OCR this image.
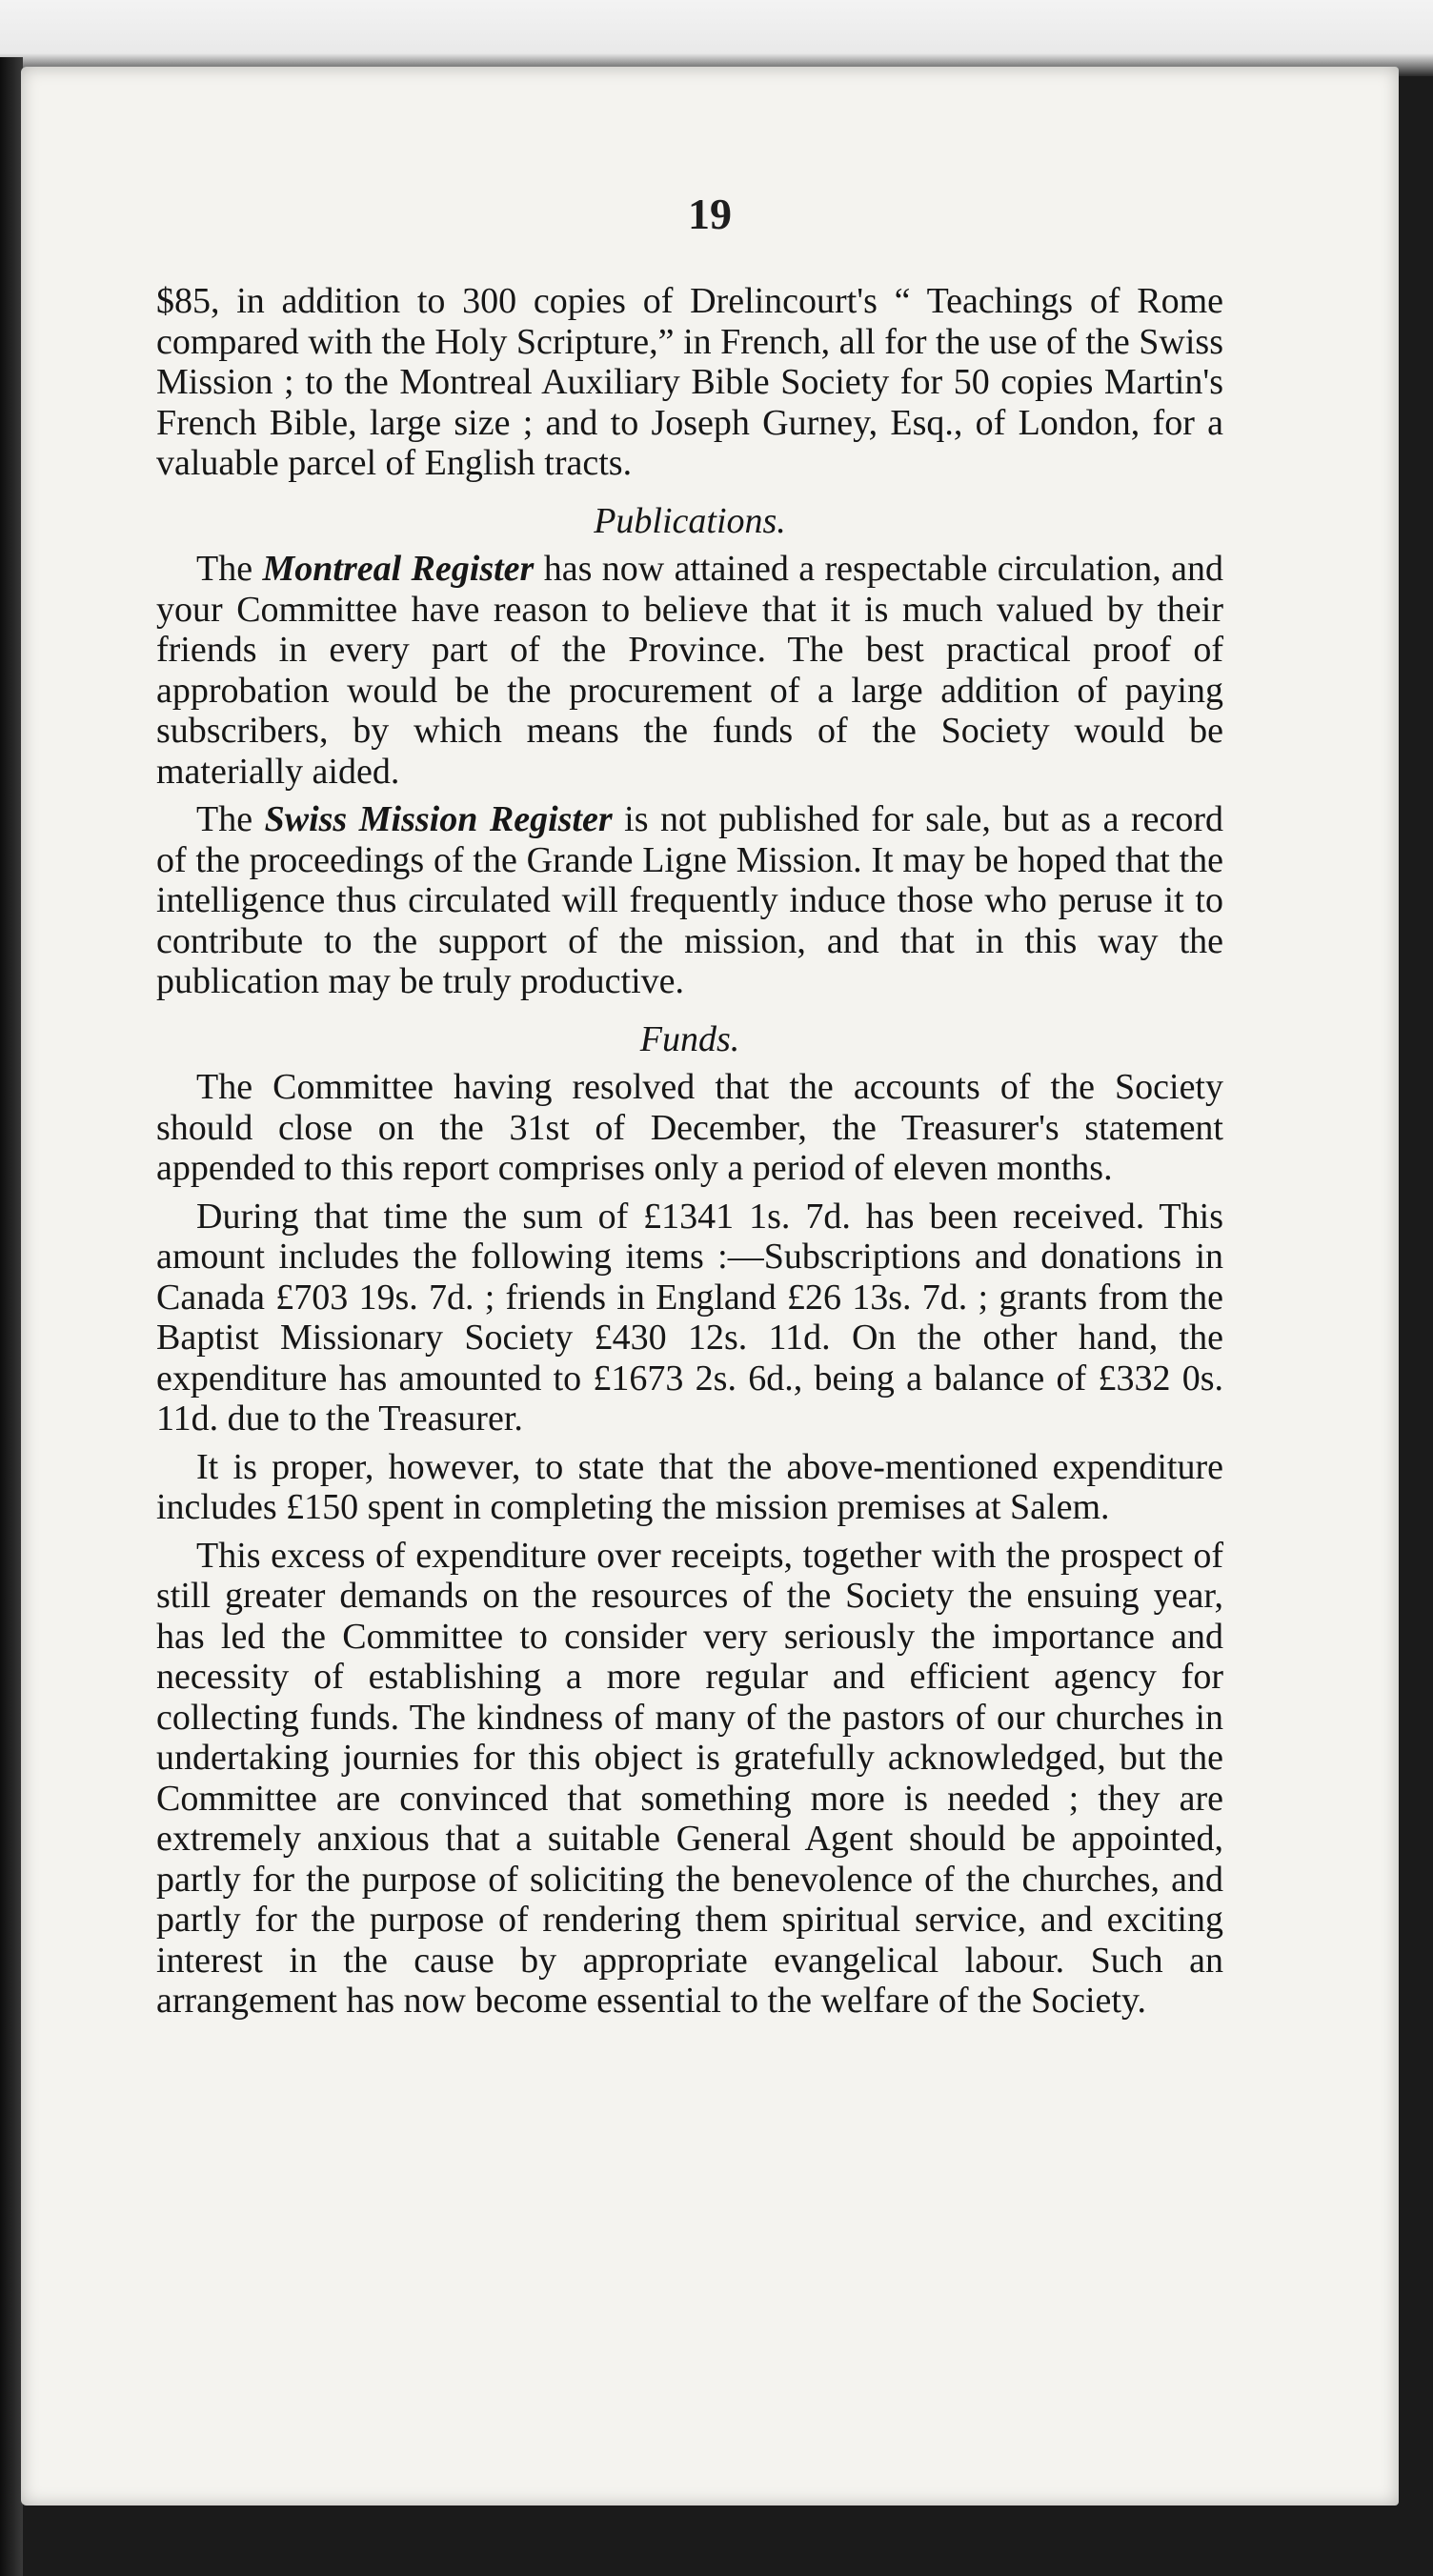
19

$85, in addition to 300 copies of Drelincourt's “ Teachings of Rome compared with the Holy Scripture,” in French, all for the use of the Swiss Mission ; to the Montreal Auxiliary Bible Society for 50 copies Martin's French Bible, large size ; and to Joseph Gurney, Esq., of London, for a valuable parcel of English tracts.

Publications.

The Montreal Register has now attained a respectable circulation, and your Committee have reason to believe that it is much valued by their friends in every part of the Province. The best practical proof of approbation would be the procurement of a large addition of paying subscribers, by which means the funds of the Society would be materially aided.

The Swiss Mission Register is not published for sale, but as a record of the proceedings of the Grande Ligne Mission. It may be hoped that the intelligence thus circulated will frequently induce those who peruse it to contribute to the support of the mission, and that in this way the publication may be truly productive.

Funds.

The Committee having resolved that the accounts of the Society should close on the 31st of December, the Treasurer's statement appended to this report comprises only a period of eleven months.

During that time the sum of £1341 1s. 7d. has been received. This amount includes the following items :—Subscriptions and donations in Canada £703 19s. 7d. ; friends in England £26 13s. 7d. ; grants from the Baptist Missionary Society £430 12s. 11d. On the other hand, the expenditure has amounted to £1673 2s. 6d., being a balance of £332 0s. 11d. due to the Treasurer.

It is proper, however, to state that the above-mentioned expenditure includes £150 spent in completing the mission premises at Salem.

This excess of expenditure over receipts, together with the prospect of still greater demands on the resources of the Society the ensuing year, has led the Committee to consider very seriously the importance and necessity of establishing a more regular and efficient agency for collecting funds. The kindness of many of the pastors of our churches in undertaking journies for this object is gratefully acknowledged, but the Committee are convinced that something more is needed ; they are extremely anxious that a suitable General Agent should be appointed, partly for the purpose of soliciting the benevolence of the churches, and partly for the purpose of rendering them spiritual service, and exciting interest in the cause by appropriate evangelical labour. Such an arrangement has now become essential to the welfare of the Society.
